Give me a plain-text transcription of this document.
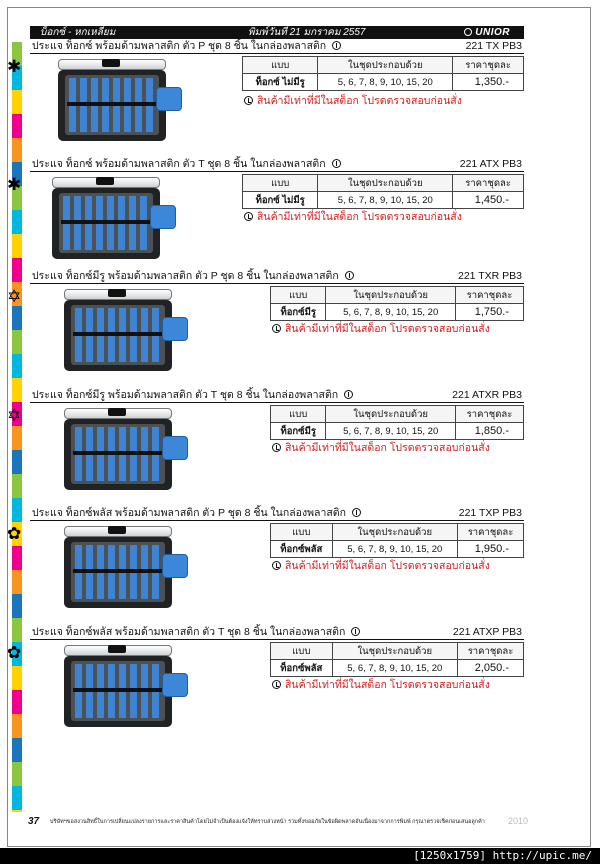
บ็อกซ์ - หกเหลี่ยม	พิมพ์วันที่ 21 มกราคม 2557	UNIOR
ประแจ ท็อกซ์ พร้อมด้ามพลาสติก ตัว P ชุด 8 ชิ้น ในกล่องพลาสติก	221 TX PB3
✱	แบบ	ในชุดประกอบด้วย	ราคาชุดละ
ท็อกซ์ ไม่มีรู	5, 6, 7, 8, 9, 10, 15, 20	1,350.-
สินค้ามีเท่าที่มีในสต็อก โปรดตรวจสอบก่อนสั่ง
ประแจ ท็อกซ์ พร้อมด้ามพลาสติก ตัว T ชุด 8 ชิ้น ในกล่องพลาสติก	221 ATX PB3
✱	แบบ	ในชุดประกอบด้วย	ราคาชุดละ
ท็อกซ์ ไม่มีรู	5, 6, 7, 8, 9, 10, 15, 20	1,450.-
สินค้ามีเท่าที่มีในสต็อก โปรดตรวจสอบก่อนสั่ง
ประแจ ท็อกซ์มีรู พร้อมด้ามพลาสติก ตัว P ชุด 8 ชิ้น ในกล่องพลาสติก	221 TXR PB3
✡	แบบ	ในชุดประกอบด้วย	ราคาชุดละ
ท็อกซ์มีรู	5, 6, 7, 8, 9, 10, 15, 20	1,750.-
สินค้ามีเท่าที่มีในสต็อก โปรดตรวจสอบก่อนสั่ง
ประแจ ท็อกซ์มีรู พร้อมด้ามพลาสติก ตัว T ชุด 8 ชิ้น ในกล่องพลาสติก	221 ATXR PB3
✡	แบบ	ในชุดประกอบด้วย	ราคาชุดละ
ท็อกซ์มีรู	5, 6, 7, 8, 9, 10, 15, 20	1,850.-
สินค้ามีเท่าที่มีในสต็อก โปรดตรวจสอบก่อนสั่ง
ประแจ ท็อกซ์พลัส พร้อมด้ามพลาสติก ตัว P ชุด 8 ชิ้น ในกล่องพลาสติก	221 TXP PB3
✿	แบบ	ในชุดประกอบด้วย	ราคาชุดละ
ท็อกซ์พลัส	5, 6, 7, 8, 9, 10, 15, 20	1,950.-
สินค้ามีเท่าที่มีในสต็อก โปรดตรวจสอบก่อนสั่ง
ประแจ ท็อกซ์พลัส พร้อมด้ามพลาสติก ตัว T ชุด 8 ชิ้น ในกล่องพลาสติก	221 ATXP PB3
✿	แบบ	ในชุดประกอบด้วย	ราคาชุดละ
ท็อกซ์พลัส	5, 6, 7, 8, 9, 10, 15, 20	2,050.-
สินค้ามีเท่าที่มีในสต็อก โปรดตรวจสอบก่อนสั่ง
37 บริษัทฯขอสงวนสิทธิ์ในการเปลี่ยนแปลงรายการและราคาสินค้าโดยไม่จำเป็นต้องแจ้งให้ทราบล่วงหน้า รวมทั้งขออภัยในข้อผิดพลาดอันเนื่องมาจากการพิมพ์ กรุณาตรวจเช็คก่อนเสนอลูกค้า	2010
[1250x1759] http://upic.me/
